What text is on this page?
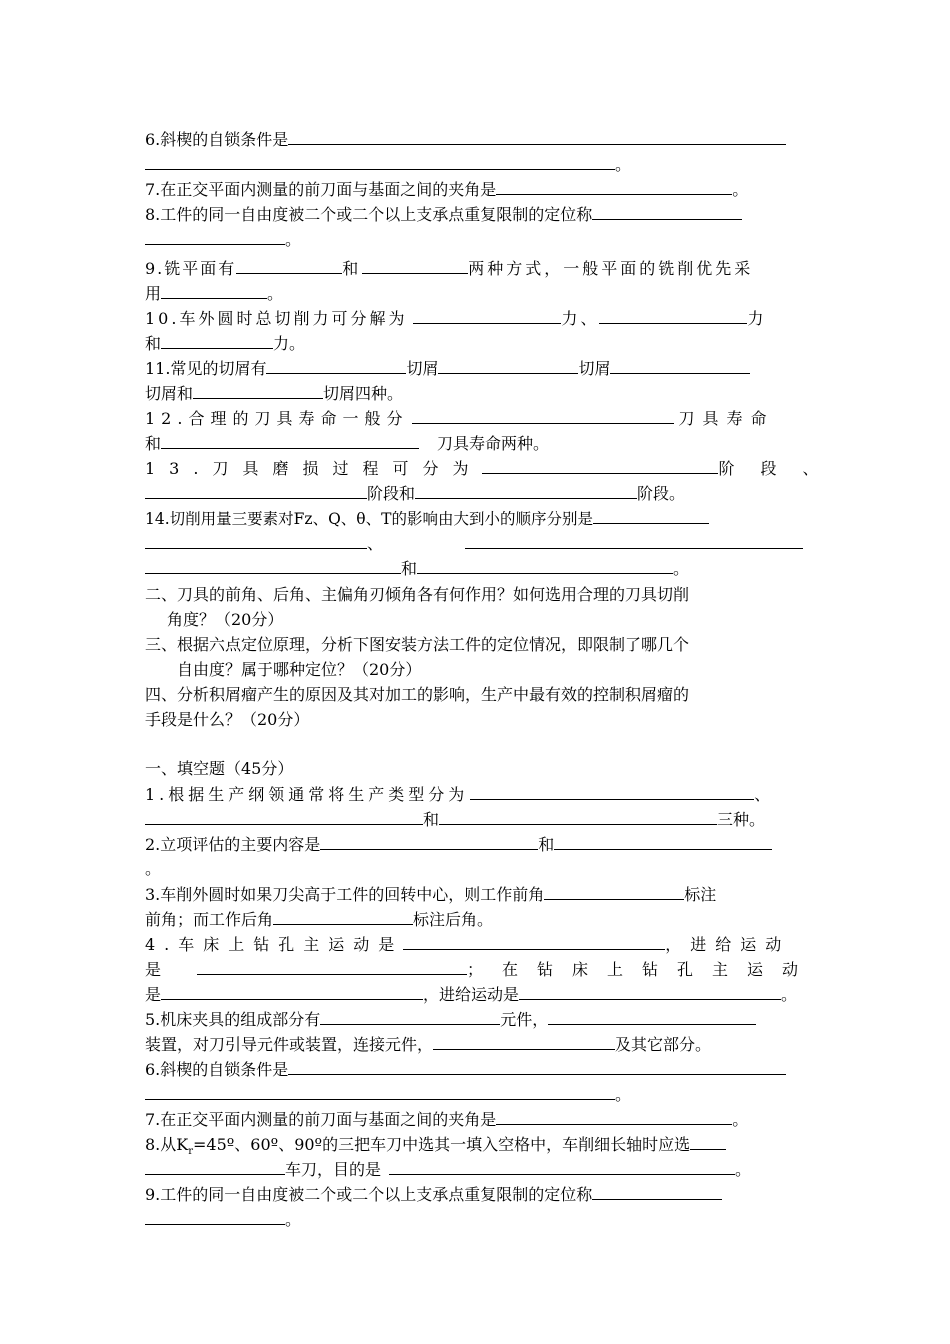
6.斜楔的自锁条件是
。
7.在正交平面内测量的前刀面与基面之间的夹角是	。
8.工件的同一自由度被二个或二个以上支承点重复限制的定位称
。
9.铣平面有	和	两种方式，一般平面的铣削优先采
用	。
10.车外圆时总切削力可分解为	力、	力
和	力。
11.常见的切屑有	切屑	切屑
切屑和	切屑四种。
12.合理的刀具寿命一般分	刀具寿命
和	刀具寿命两种。
13.刀具磨损过程可分为	阶段、
阶段和	阶段。
14.切削用量三要素对Fz、Q、θ、T的影响由大到小的顺序分别是
、
和	。
二、刀具的前角、后角、主偏角刃倾角各有何作用？如何选用合理的刀具切削
角度？（20分）
三、根据六点定位原理，分析下图安装方法工件的定位情况，即限制了哪几个
自由度？属于哪种定位？（20分）
四、分析积屑瘤产生的原因及其对加工的影响，生产中最有效的控制积屑瘤的
手段是什么？（20分）
一、填空题（45分）
1.根据生产纲领通常将生产类型分为	、
和	三种。
2.立项评估的主要内容是	和
。
3.车削外圆时如果刀尖高于工件的回转中心，则工作前角	标注
前角；而工作后角	标注后角。
4.车床上钻孔主运动是	，进给运动
是	；在钻床上钻孔主运动
是	，进给运动是	。
5.机床夹具的组成部分有	元件，
装置，对刀引导元件或装置，连接元件，	及其它部分。
6.斜楔的自锁条件是
。
7.在正交平面内测量的前刀面与基面之间的夹角是	。
8.从$K_r=45º$、60º、90º的三把车刀中选其一填入空格中，车削细长轴时应选
车刀，目的是	。
9.工件的同一自由度被二个或二个以上支承点重复限制的定位称
。
